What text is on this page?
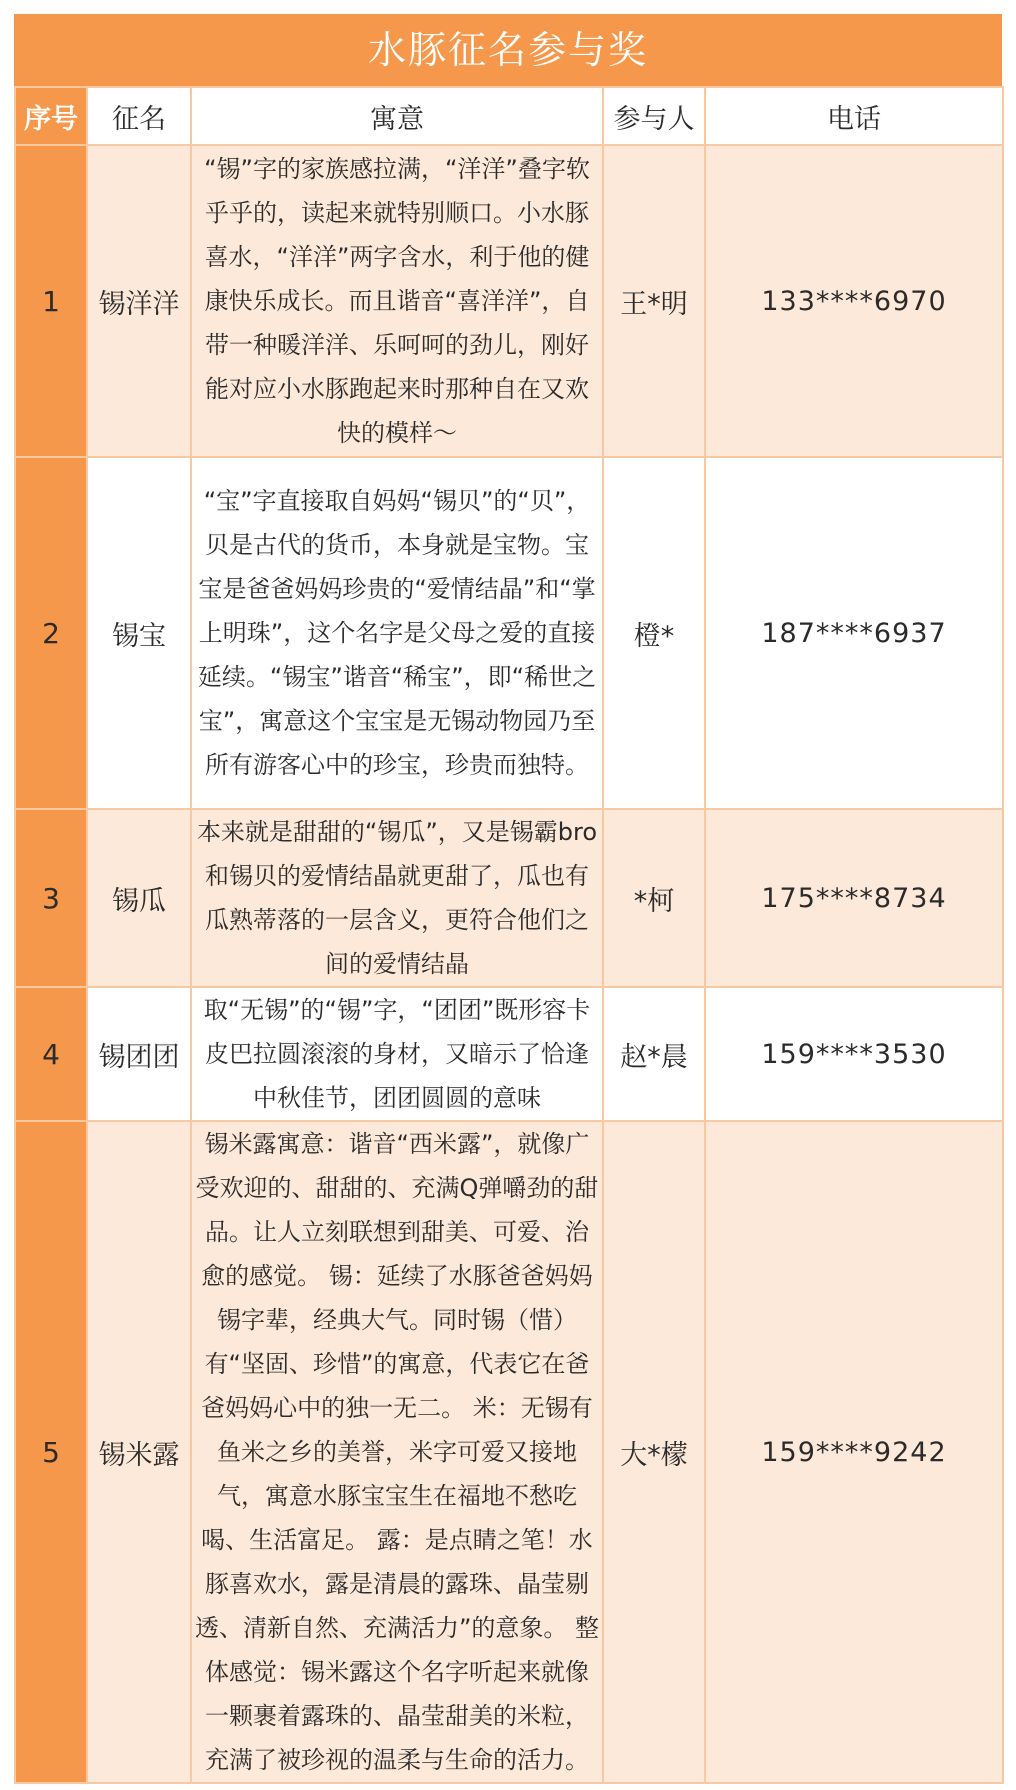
水豚征名参与奖
序号	征名	寓意	参与人	电话
1	锡洋洋	“锡”字的家族感拉满，“洋洋”叠字软乎乎的，读起来就特别顺口。小水豚喜水，“洋洋”两字含水，利于他的健康快乐成长。而且谐音“喜洋洋”，自带一种暖洋洋、乐呵呵的劲儿，刚好能对应小水豚跑起来时那种自在又欢快的模样～	王*明	133****6970
2	锡宝	“宝”字直接取自妈妈“锡贝”的“贝”，贝是古代的货币，本身就是宝物。宝宝是爸爸妈妈珍贵的“爱情结晶”和“掌上明珠”，这个名字是父母之爱的直接延续。“锡宝”谐音“稀宝”，即“稀世之宝”，寓意这个宝宝是无锡动物园乃至所有游客心中的珍宝，珍贵而独特。	橙*	187****6937
3	锡瓜	本来就是甜甜的“锡瓜”，又是锡霸bro和锡贝的爱情结晶就更甜了，瓜也有瓜熟蒂落的一层含义，更符合他们之间的爱情结晶	*柯	175****8734
4	锡团团	取“无锡”的“锡”字，“团团”既形容卡皮巴拉圆滚滚的身材，又暗示了恰逢中秋佳节，团团圆圆的意味	赵*晨	159****3530
5	锡米露	锡米露寓意：谐音“西米露”，就像广受欢迎的、甜甜的、充满Q弹嚼劲的甜品。让人立刻联想到甜美、可爱、治愈的感觉。 锡：延续了水豚爸爸妈妈锡字辈，经典大气。同时锡（惜）有“坚固、珍惜”的寓意，代表它在爸爸妈妈心中的独一无二。 米：无锡有鱼米之乡的美誉，米字可爱又接地气，寓意水豚宝宝生在福地不愁吃喝、生活富足。 露：是点睛之笔！水豚喜欢水，露是清晨的露珠、晶莹剔透、清新自然、充满活力”的意象。 整体感觉：锡米露这个名字听起来就像一颗裹着露珠的、晶莹甜美的米粒，充满了被珍视的温柔与生命的活力。	大*檬	159****9242
